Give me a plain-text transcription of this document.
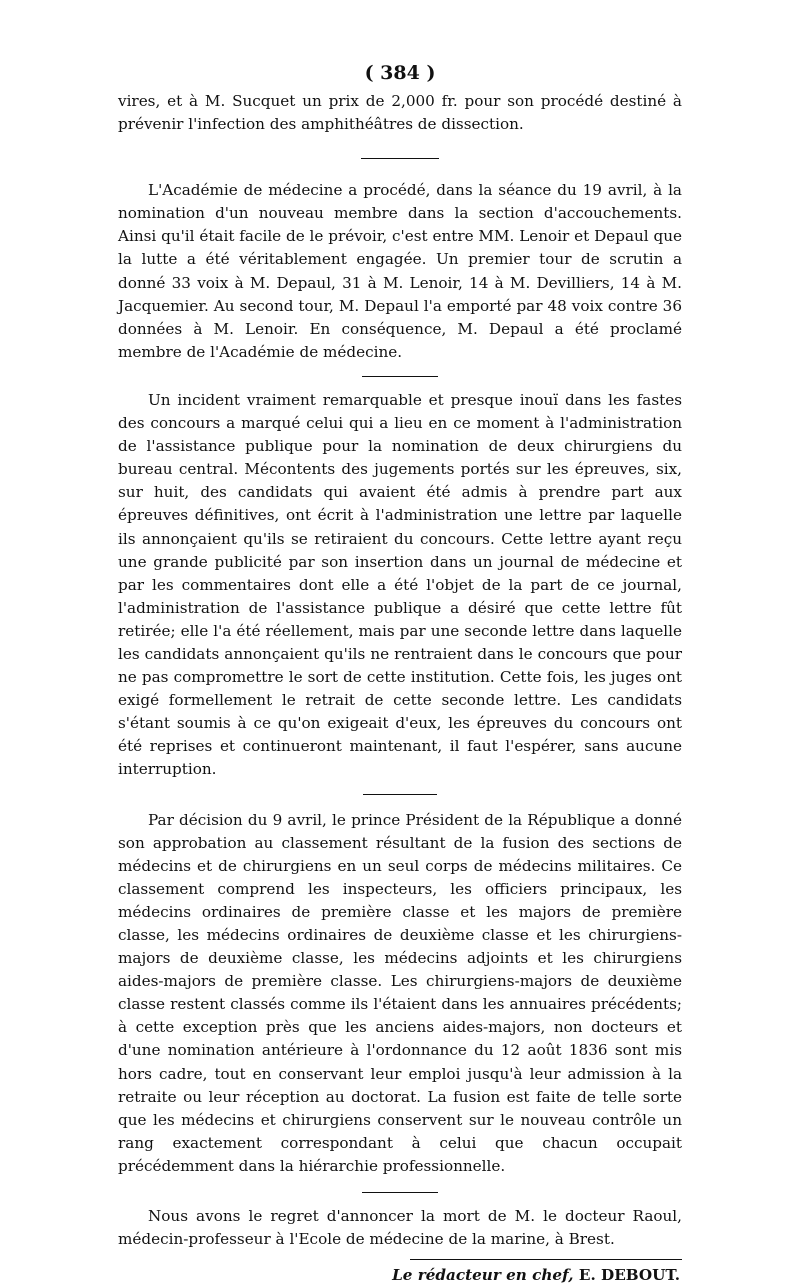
( 384 )

vires, et à M. Sucquet un prix de 2,000 fr. pour son procédé destiné à prévenir l'infection des amphithéâtres de dissection.

L'Académie de médecine a procédé, dans la séance du 19 avril, à la nomination d'un nouveau membre dans la section d'accouchements. Ainsi qu'il était facile de le prévoir, c'est entre MM. Lenoir et Depaul que la lutte a été véritablement engagée. Un premier tour de scrutin a donné 33 voix à M. Depaul, 31 à M. Lenoir, 14 à M. Devilliers, 14 à M. Jacquemier. Au second tour, M. Depaul l'a emporté par 48 voix contre 36 données à M. Lenoir. En conséquence, M. Depaul a été proclamé membre de l'Académie de médecine.

Un incident vraiment remarquable et presque inouï dans les fastes des concours a marqué celui qui a lieu en ce moment à l'administration de l'assistance publique pour la nomination de deux chirurgiens du bureau central. Mécontents des jugements portés sur les épreuves, six, sur huit, des candidats qui avaient été admis à prendre part aux épreuves définitives, ont écrit à l'administration une lettre par laquelle ils annonçaient qu'ils se retiraient du concours. Cette lettre ayant reçu une grande publicité par son insertion dans un journal de médecine et par les commentaires dont elle a été l'objet de la part de ce journal, l'administration de l'assistance publique a désiré que cette lettre fût retirée; elle l'a été réellement, mais par une seconde lettre dans laquelle les candidats annonçaient qu'ils ne rentraient dans le concours que pour ne pas compromettre le sort de cette institution. Cette fois, les juges ont exigé formellement le retrait de cette seconde lettre. Les candidats s'étant soumis à ce qu'on exigeait d'eux, les épreuves du concours ont été reprises et continueront maintenant, il faut l'espérer, sans aucune interruption.

Par décision du 9 avril, le prince Président de la République a donné son approbation au classement résultant de la fusion des sections de médecins et de chirurgiens en un seul corps de médecins militaires. Ce classement comprend les inspecteurs, les officiers principaux, les médecins ordinaires de première classe et les majors de première classe, les médecins ordinaires de deuxième classe et les chirurgiens-majors de deuxième classe, les médecins adjoints et les chirurgiens aides-majors de première classe. Les chirurgiens-majors de deuxième classe restent classés comme ils l'étaient dans les annuaires précédents; à cette exception près que les anciens aides-majors, non docteurs et d'une nomination antérieure à l'ordonnance du 12 août 1836 sont mis hors cadre, tout en conservant leur emploi jusqu'à leur admission à la retraite ou leur réception au doctorat. La fusion est faite de telle sorte que les médecins et chirurgiens conservent sur le nouveau contrôle un rang exactement correspondant à celui que chacun occupait précédemment dans la hiérarchie professionnelle.

Nous avons le regret d'annoncer la mort de M. le docteur Raoul, médecin-professeur à l'Ecole de médecine de la marine, à Brest.

Le rédacteur en chef, E. DEBOUT.
